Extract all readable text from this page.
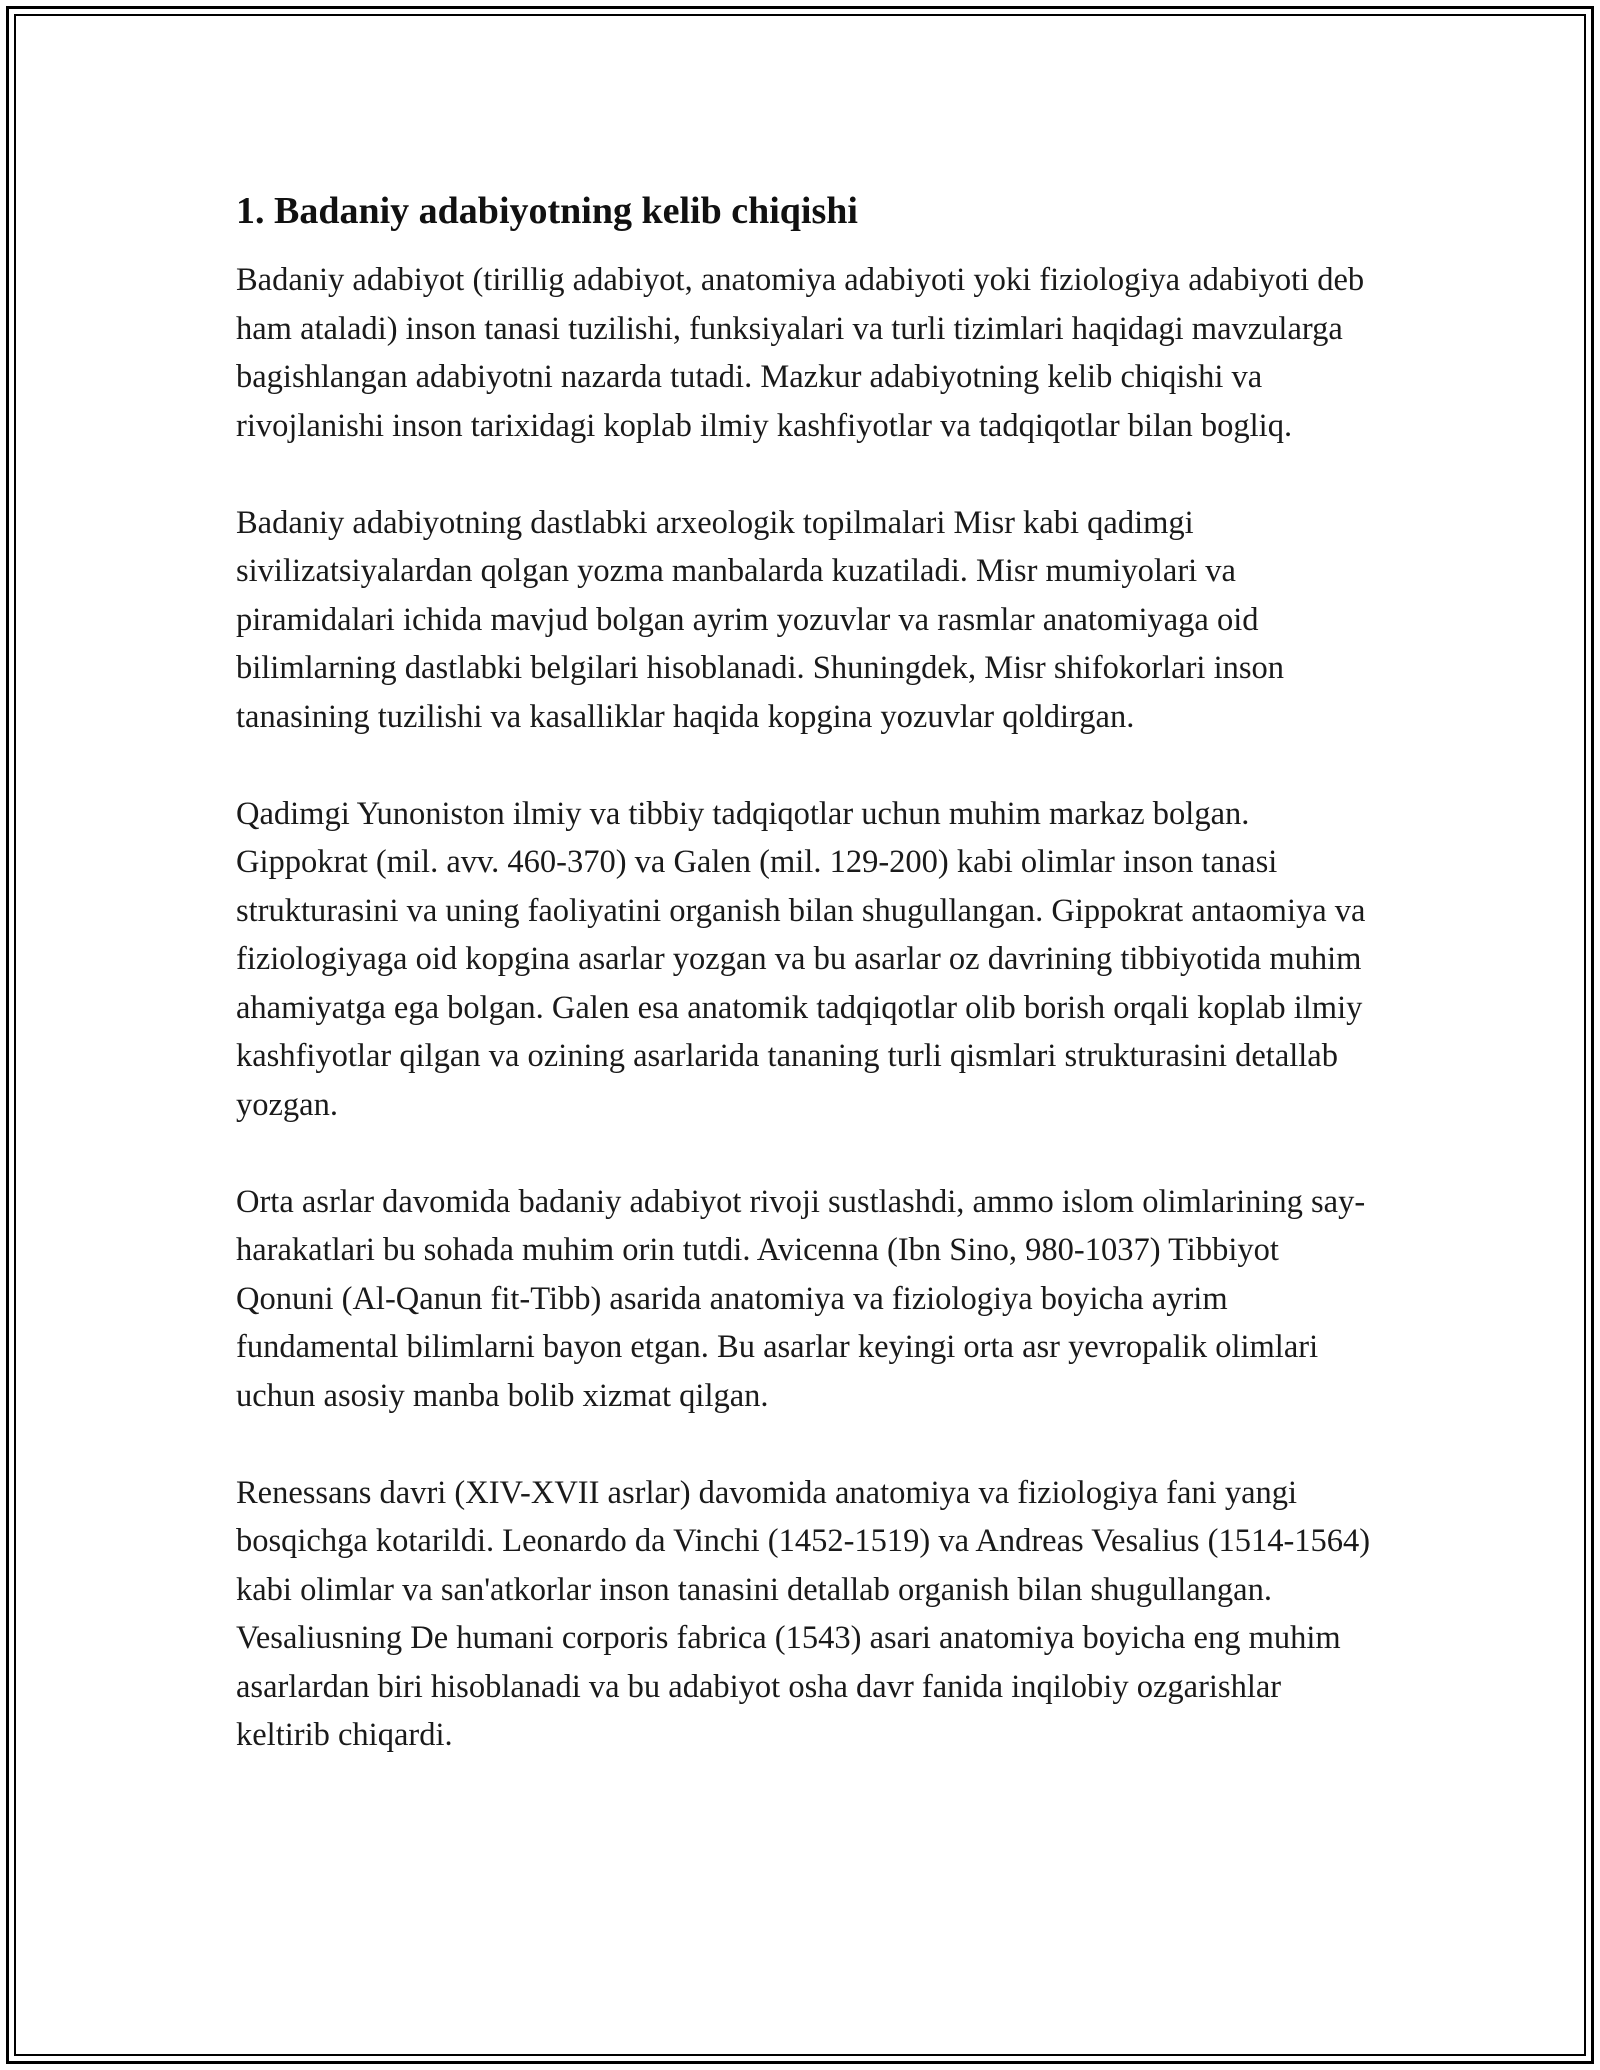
1. Badaniy adabiyotning kelib chiqishi

Badaniy adabiyot (tirillig adabiyot, anatomiya adabiyoti yoki fiziologiya adabiyoti deb ham ataladi) inson tanasi tuzilishi, funksiyalari va turli tizimlari haqidagi mavzularga bagishlangan adabiyotni nazarda tutadi. Mazkur adabiyotning kelib chiqishi va rivojlanishi inson tarixidagi koplab ilmiy kashfiyotlar va tadqiqotlar bilan bogliq.

Badaniy adabiyotning dastlabki arxeologik topilmalari Misr kabi qadimgi sivilizatsiyalardan qolgan yozma manbalarda kuzatiladi. Misr mumiyolari va piramidalari ichida mavjud bolgan ayrim yozuvlar va rasmlar anatomiyaga oid bilimlarning dastlabki belgilari hisoblanadi. Shuningdek, Misr shifokorlari inson tanasining tuzilishi va kasalliklar haqida kopgina yozuvlar qoldirgan.

Qadimgi Yunoniston ilmiy va tibbiy tadqiqotlar uchun muhim markaz bolgan. Gippokrat (mil. avv. 460-370) va Galen (mil. 129-200) kabi olimlar inson tanasi strukturasini va uning faoliyatini organish bilan shugullangan. Gippokrat antaomiya va fiziologiyaga oid kopgina asarlar yozgan va bu asarlar oz davrining tibbiyotida muhim ahamiyatga ega bolgan. Galen esa anatomik tadqiqotlar olib borish orqali koplab ilmiy kashfiyotlar qilgan va ozining asarlarida tananing turli qismlari strukturasini detallab yozgan.

Orta asrlar davomida badaniy adabiyot rivoji sustlashdi, ammo islom olimlarining say-harakatlari bu sohada muhim orin tutdi. Avicenna (Ibn Sino, 980-1037) Tibbiyot Qonuni (Al-Qanun fit-Tibb) asarida anatomiya va fiziologiya boyicha ayrim fundamental bilimlarni bayon etgan. Bu asarlar keyingi orta asr yevropalik olimlari uchun asosiy manba bolib xizmat qilgan.

Renessans davri (XIV-XVII asrlar) davomida anatomiya va fiziologiya fani yangi bosqichga kotarildi. Leonardo da Vinchi (1452-1519) va Andreas Vesalius (1514-1564) kabi olimlar va san'atkorlar inson tanasini detallab organish bilan shugullangan. Vesaliusning De humani corporis fabrica (1543) asari anatomiya boyicha eng muhim asarlardan biri hisoblanadi va bu adabiyot osha davr fanida inqilobiy ozgarishlar keltirib chiqardi.
